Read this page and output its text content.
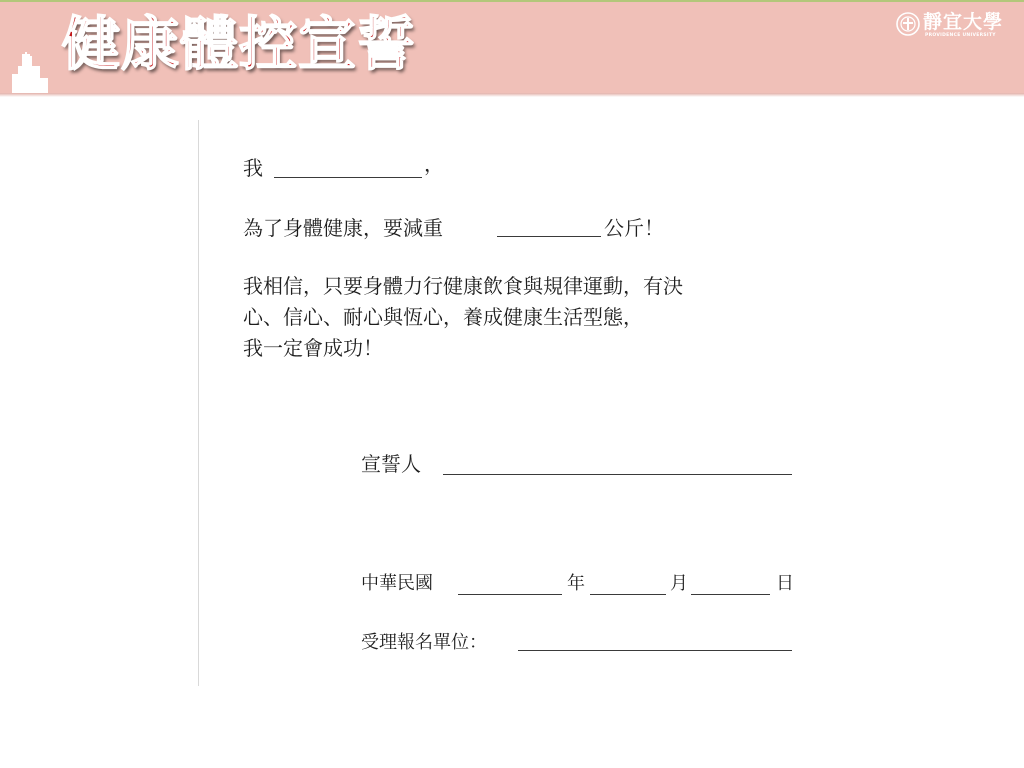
健康體控宣誓	靜宜大學
PROVIDENCE UNIVERSITY
我	，
為了身體健康，要減重	公斤！
我相信，只要身體力行健康飲食與規律運動，有決
心、信心、耐心與恆心，養成健康生活型態，
我一定會成功！
宣誓人
中華民國	年	月	日
受理報名單位：
